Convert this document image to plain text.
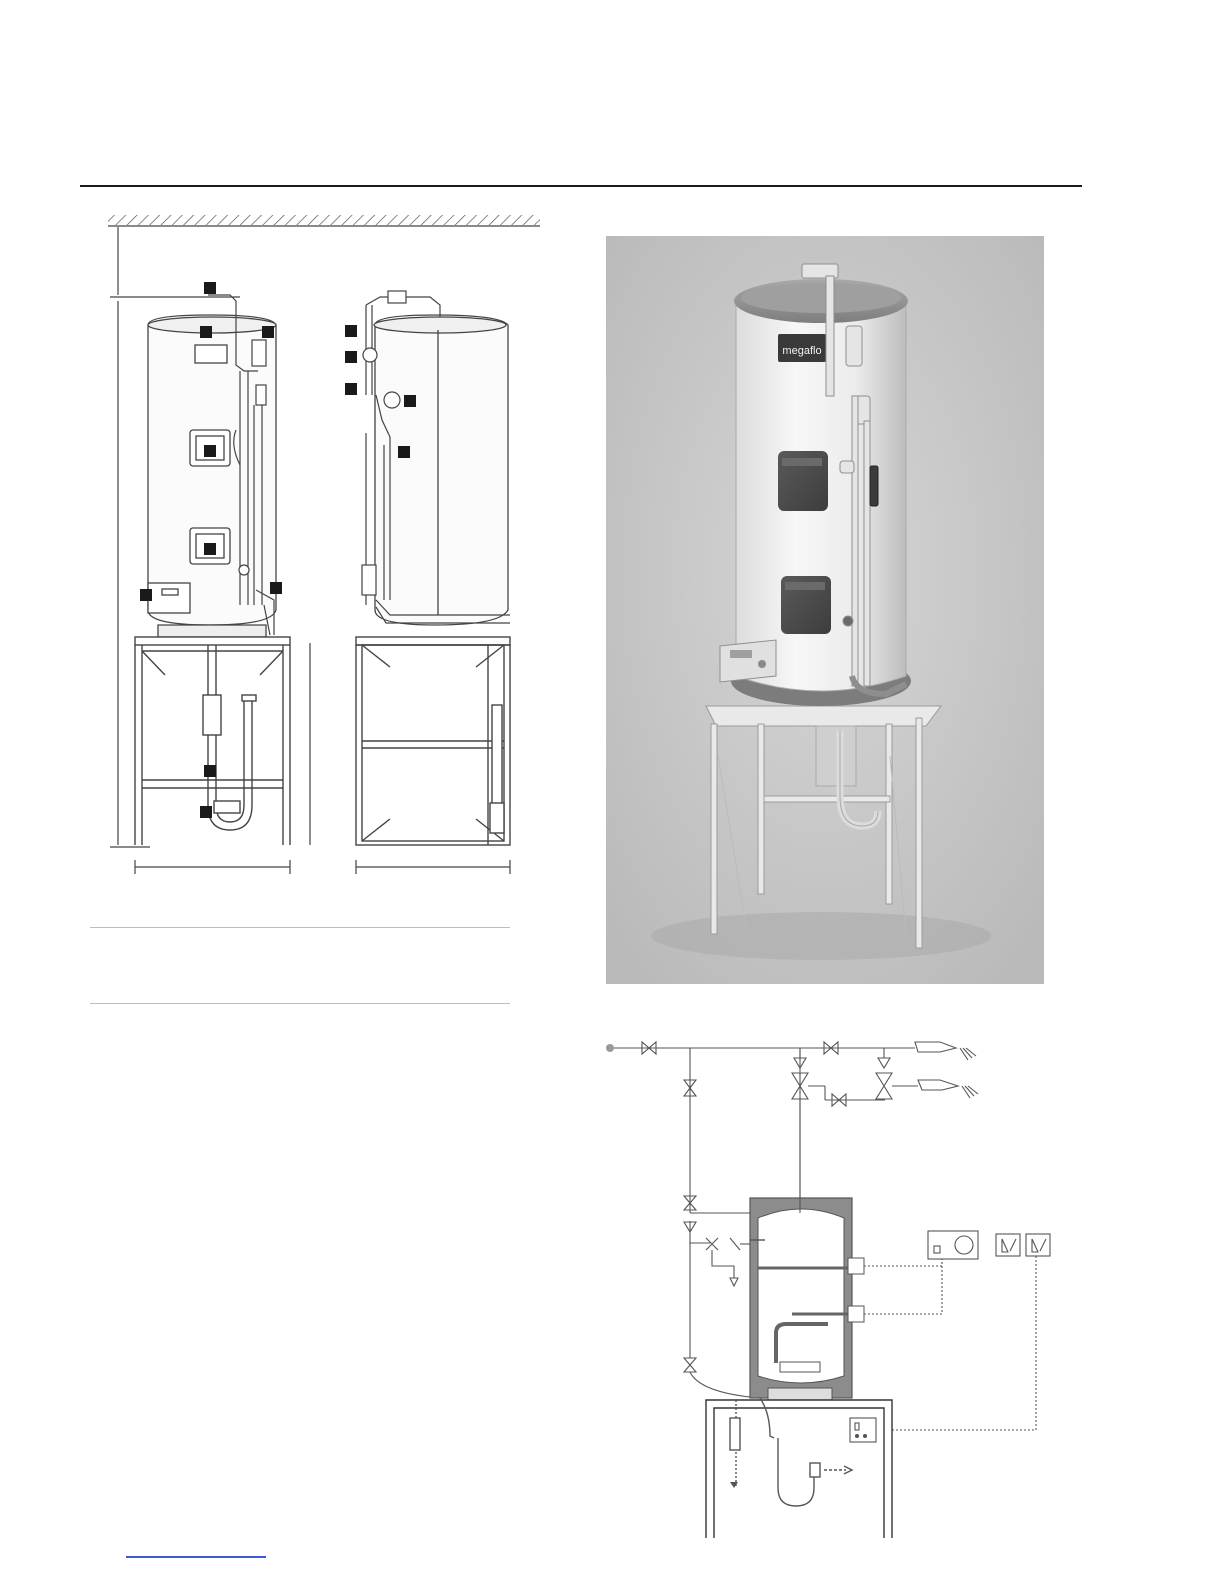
megaflo
